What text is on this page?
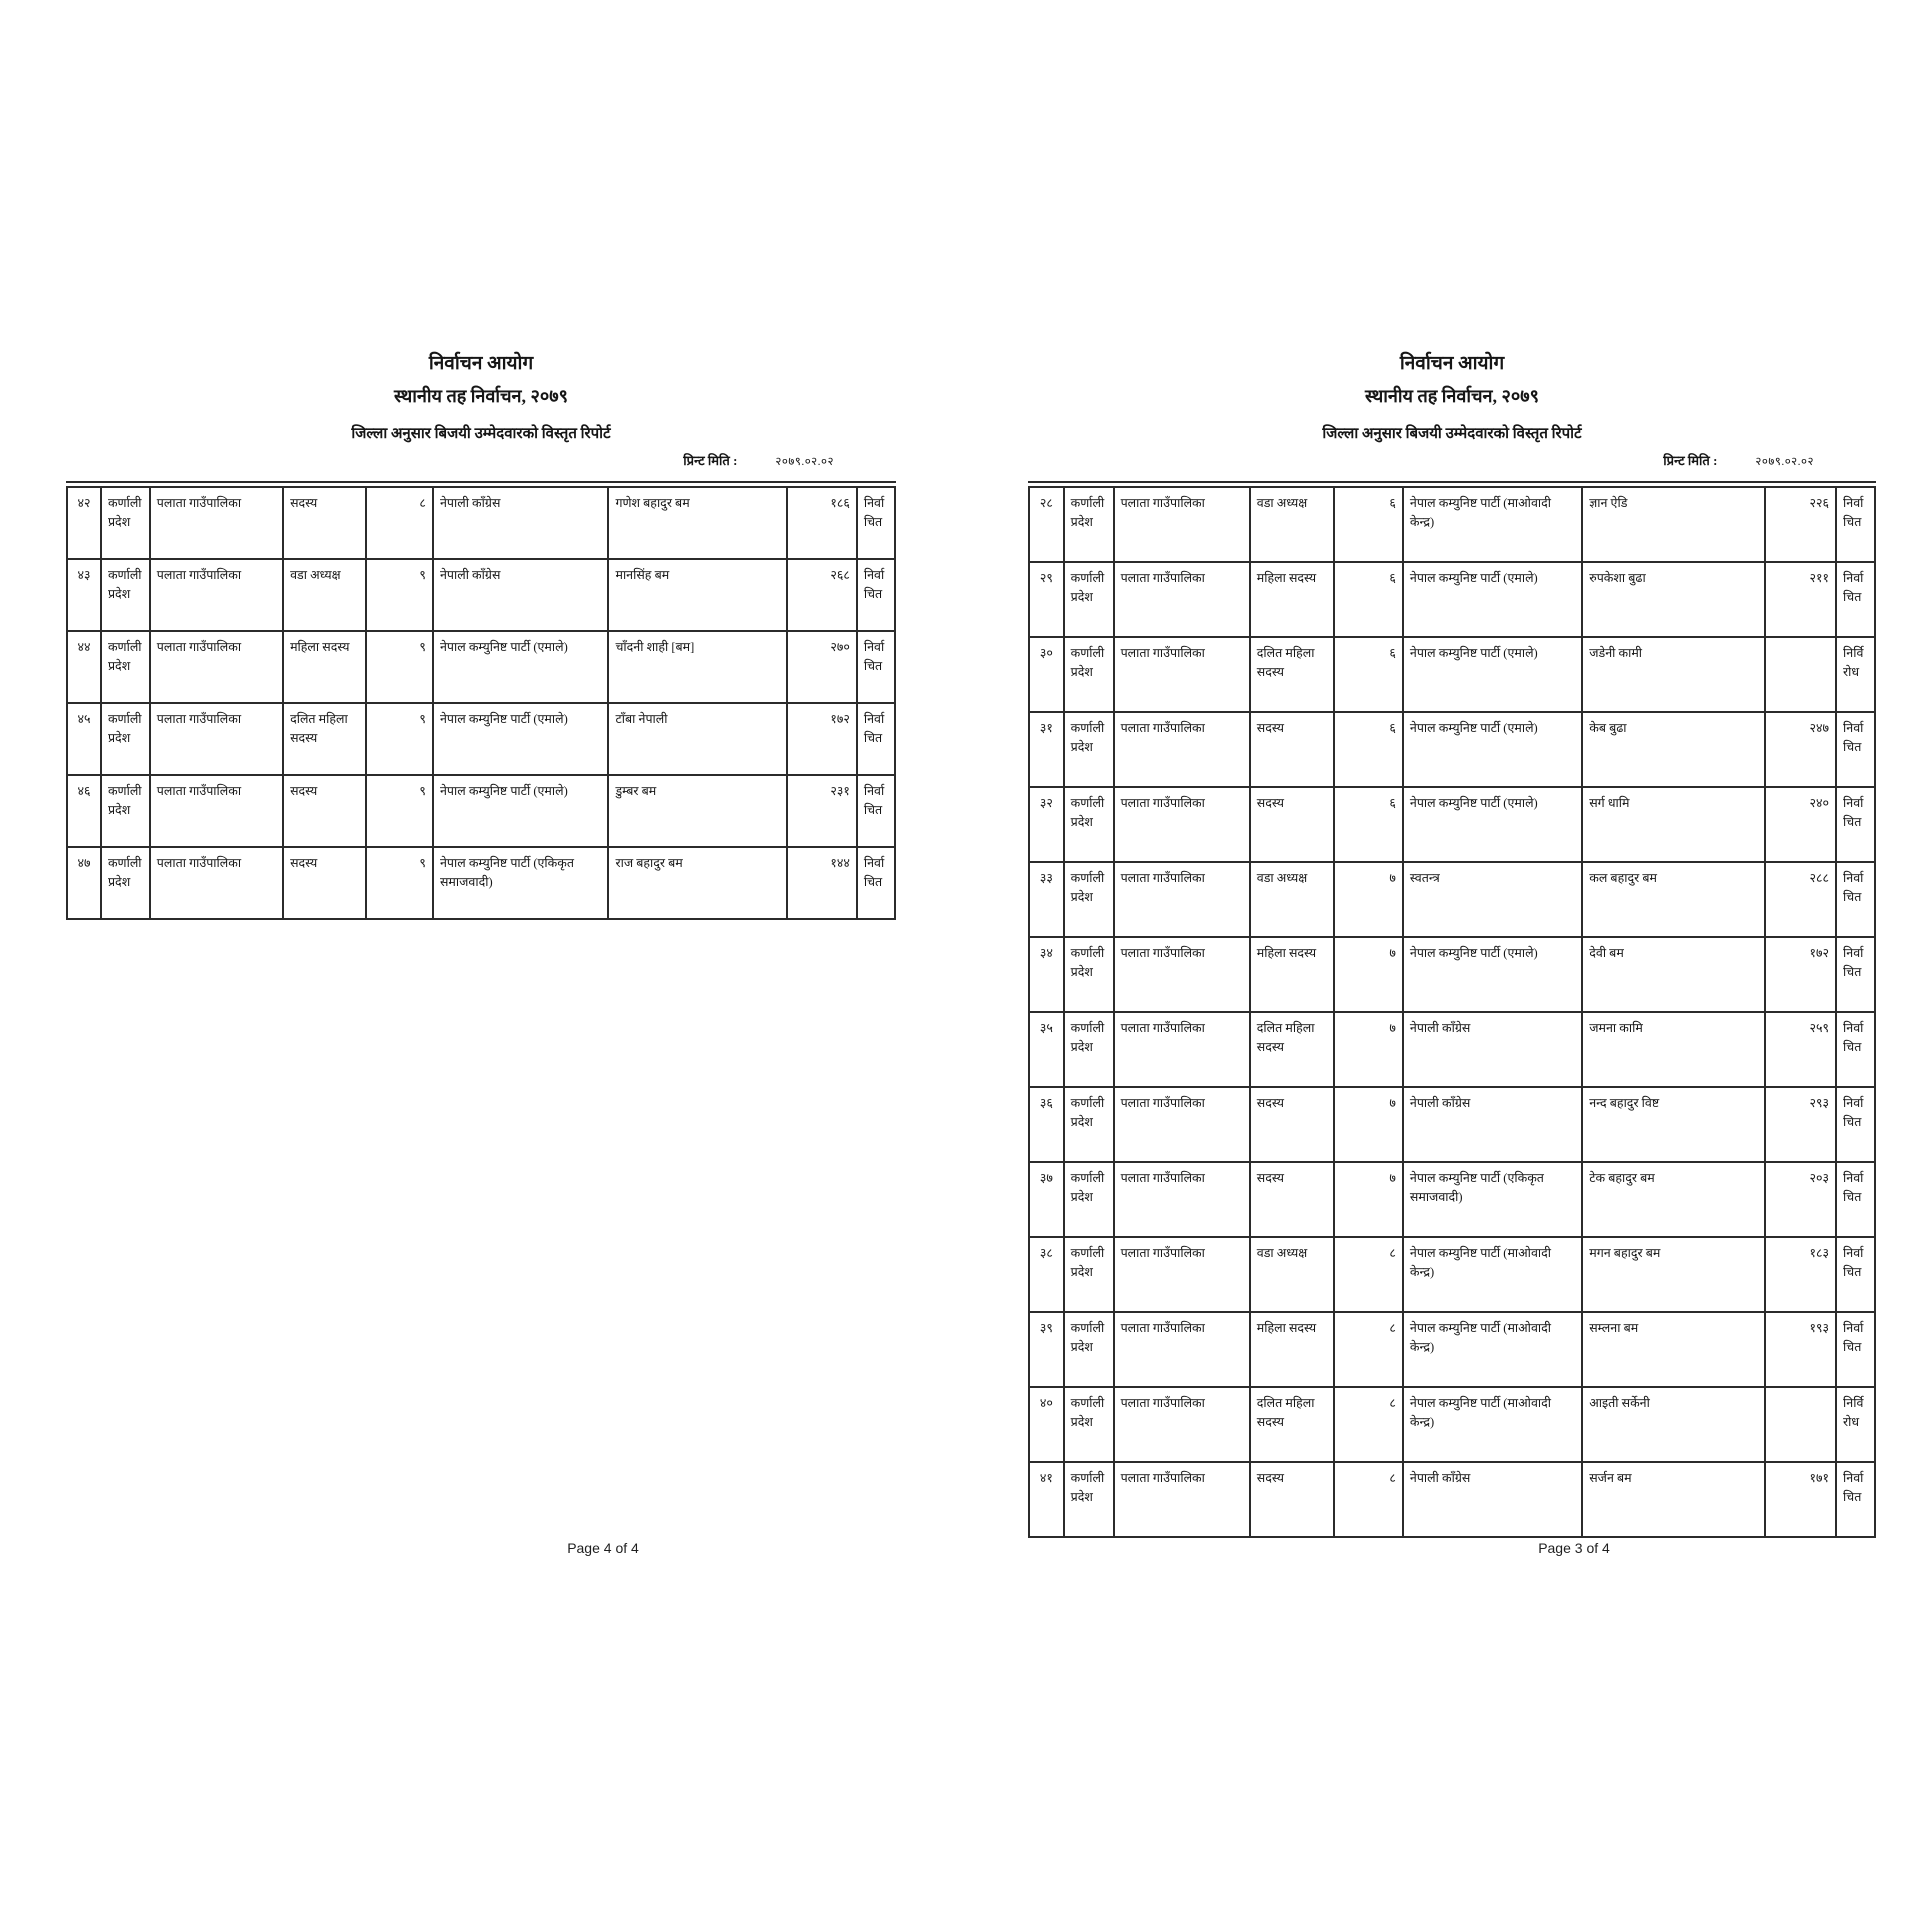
निर्वाचन आयोग
स्थानीय तह निर्वाचन, २०७९
जिल्ला अनुसार बिजयी उम्मेदवारको विस्तृत रिपोर्ट
प्रिन्ट मिति :	२०७९.०२.०२
४२	कर्णाली प्रदेश	पलाता गाउँपालिका	सदस्य	८	नेपाली काँग्रेस	गणेश बहादुर बम	१८६	निर्वाचित
४३	कर्णाली प्रदेश	पलाता गाउँपालिका	वडा अध्यक्ष	९	नेपाली काँग्रेस	मानसिंह बम	२६८	निर्वाचित
४४	कर्णाली प्रदेश	पलाता गाउँपालिका	महिला सदस्य	९	नेपाल कम्युनिष्ट पार्टी (एमाले)	चाँदनी शाही [बम]	२७०	निर्वाचित
४५	कर्णाली प्रदेश	पलाता गाउँपालिका	दलित महिला सदस्य	९	नेपाल कम्युनिष्ट पार्टी (एमाले)	टाँबा नेपाली	१७२	निर्वाचित
४६	कर्णाली प्रदेश	पलाता गाउँपालिका	सदस्य	९	नेपाल कम्युनिष्ट पार्टी (एमाले)	डुम्बर बम	२३१	निर्वाचित
४७	कर्णाली प्रदेश	पलाता गाउँपालिका	सदस्य	९	नेपाल कम्युनिष्ट पार्टी (एकिकृत समाजवादी)	राज बहादुर बम	१४४	निर्वाचित
Page 4 of 4
निर्वाचन आयोग
स्थानीय तह निर्वाचन, २०७९
जिल्ला अनुसार बिजयी उम्मेदवारको विस्तृत रिपोर्ट
प्रिन्ट मिति :	२०७९.०२.०२
२८	कर्णाली प्रदेश	पलाता गाउँपालिका	वडा अध्यक्ष	६	नेपाल कम्युनिष्ट पार्टी (माओवादी केन्द्र)	ज्ञान ऐडि	२२६	निर्वाचित
२९	कर्णाली प्रदेश	पलाता गाउँपालिका	महिला सदस्य	६	नेपाल कम्युनिष्ट पार्टी (एमाले)	रुपकेशा बुढा	२११	निर्वाचित
३०	कर्णाली प्रदेश	पलाता गाउँपालिका	दलित महिला सदस्य	६	नेपाल कम्युनिष्ट पार्टी (एमाले)	जडेनी कामी		निर्विरोध
३१	कर्णाली प्रदेश	पलाता गाउँपालिका	सदस्य	६	नेपाल कम्युनिष्ट पार्टी (एमाले)	केब बुढा	२४७	निर्वाचित
३२	कर्णाली प्रदेश	पलाता गाउँपालिका	सदस्य	६	नेपाल कम्युनिष्ट पार्टी (एमाले)	सर्ग धामि	२४०	निर्वाचित
३३	कर्णाली प्रदेश	पलाता गाउँपालिका	वडा अध्यक्ष	७	स्वतन्त्र	कल बहादुर बम	२८८	निर्वाचित
३४	कर्णाली प्रदेश	पलाता गाउँपालिका	महिला सदस्य	७	नेपाल कम्युनिष्ट पार्टी (एमाले)	देवी बम	१७२	निर्वाचित
३५	कर्णाली प्रदेश	पलाता गाउँपालिका	दलित महिला सदस्य	७	नेपाली काँग्रेस	जमना कामि	२५९	निर्वाचित
३६	कर्णाली प्रदेश	पलाता गाउँपालिका	सदस्य	७	नेपाली काँग्रेस	नन्द बहादुर विष्ट	२९३	निर्वाचित
३७	कर्णाली प्रदेश	पलाता गाउँपालिका	सदस्य	७	नेपाल कम्युनिष्ट पार्टी (एकिकृत समाजवादी)	टेक बहादुर बम	२०३	निर्वाचित
३८	कर्णाली प्रदेश	पलाता गाउँपालिका	वडा अध्यक्ष	८	नेपाल कम्युनिष्ट पार्टी (माओवादी केन्द्र)	मगन बहादुर बम	१८३	निर्वाचित
३९	कर्णाली प्रदेश	पलाता गाउँपालिका	महिला सदस्य	८	नेपाल कम्युनिष्ट पार्टी (माओवादी केन्द्र)	सम्लना बम	१९३	निर्वाचित
४०	कर्णाली प्रदेश	पलाता गाउँपालिका	दलित महिला सदस्य	८	नेपाल कम्युनिष्ट पार्टी (माओवादी केन्द्र)	आइती सर्केनी		निर्विरोध
४१	कर्णाली प्रदेश	पलाता गाउँपालिका	सदस्य	८	नेपाली काँग्रेस	सर्जन बम	१७१	निर्वाचित
Page 3 of 4
